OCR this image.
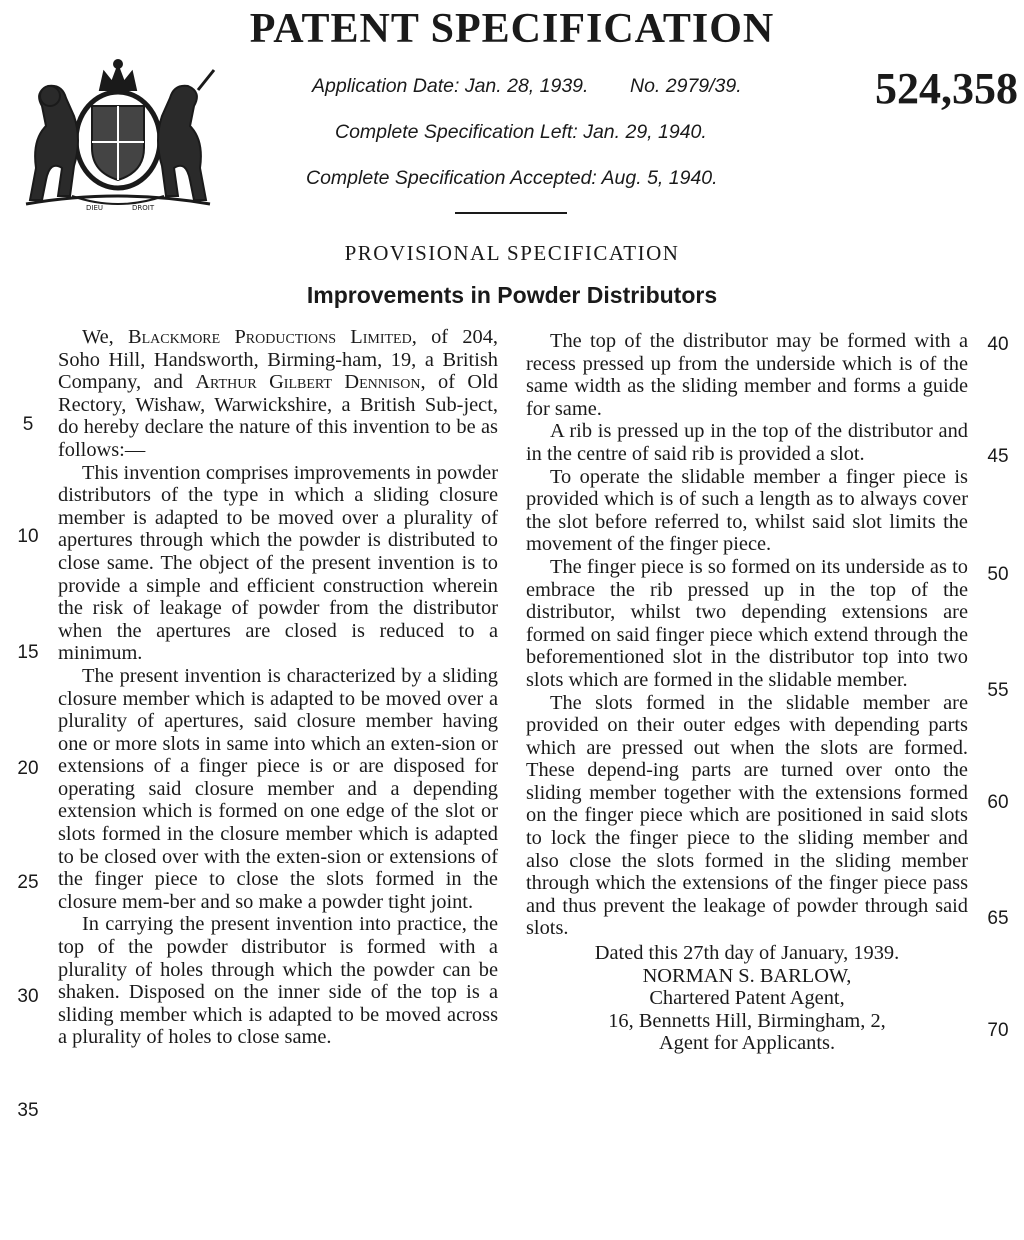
PATENT SPECIFICATION
DIEU	DROIT
Application Date: Jan. 28, 1939. No. 2979/39.	524,358
Complete Specification Left: Jan. 29, 1940.
Complete Specification Accepted: Aug. 5, 1940.
PROVISIONAL SPECIFICATION
Improvements in Powder Distributors

We, Blackmore Productions Limited, of 204, Soho Hill, Handsworth, Birming-ham, 19, a British Company, and Arthur Gilbert Dennison, of Old Rectory, Wishaw, Warwickshire, a British Sub-ject, do hereby declare the nature of this invention to be as follows:—

This invention comprises improvements in powder distributors of the type in which a sliding closure member is adapted to be moved over a plurality of apertures through which the powder is distributed to close same. The object of the present invention is to provide a simple and efficient construction wherein the risk of leakage of powder from the distributor when the apertures are closed is reduced to a minimum.

The present invention is characterized by a sliding closure member which is adapted to be moved over a plurality of apertures, said closure member having one or more slots in same into which an exten-sion or extensions of a finger piece is or are disposed for operating said closure member and a depending extension which is formed on one edge of the slot or slots formed in the closure member which is adapted to be closed over with the exten-sion or extensions of the finger piece to close the slots formed in the closure mem-ber and so make a powder tight joint.

In carrying the present invention into practice, the top of the powder distributor is formed with a plurality of holes through which the powder can be shaken. Disposed on the inner side of the top is a sliding member which is adapted to be moved across a plurality of holes to close same.

The top of the distributor may be formed with a recess pressed up from the underside which is of the same width as the sliding member and forms a guide for same.

A rib is pressed up in the top of the distributor and in the centre of said rib is provided a slot.

To operate the slidable member a finger piece is provided which is of such a length as to always cover the slot before referred to, whilst said slot limits the movement of the finger piece.

The finger piece is so formed on its underside as to embrace the rib pressed up in the top of the distributor, whilst two depending extensions are formed on said finger piece which extend through the beforementioned slot in the distributor top into two slots which are formed in the slidable member.

The slots formed in the slidable member are provided on their outer edges with depending parts which are pressed out when the slots are formed. These depend-ing parts are turned over onto the sliding member together with the extensions formed on the finger piece which are positioned in said slots to lock the finger piece to the sliding member and also close the slots formed in the sliding member through which the extensions of the finger piece pass and thus prevent the leakage of powder through said slots.

Dated this 27th day of January, 1939.
NORMAN S. BARLOW,
Chartered Patent Agent,
16, Bennetts Hill, Birmingham, 2,
Agent for Applicants.
5
10
15
20
25
30
35
40
45
50
55
60
65
70
